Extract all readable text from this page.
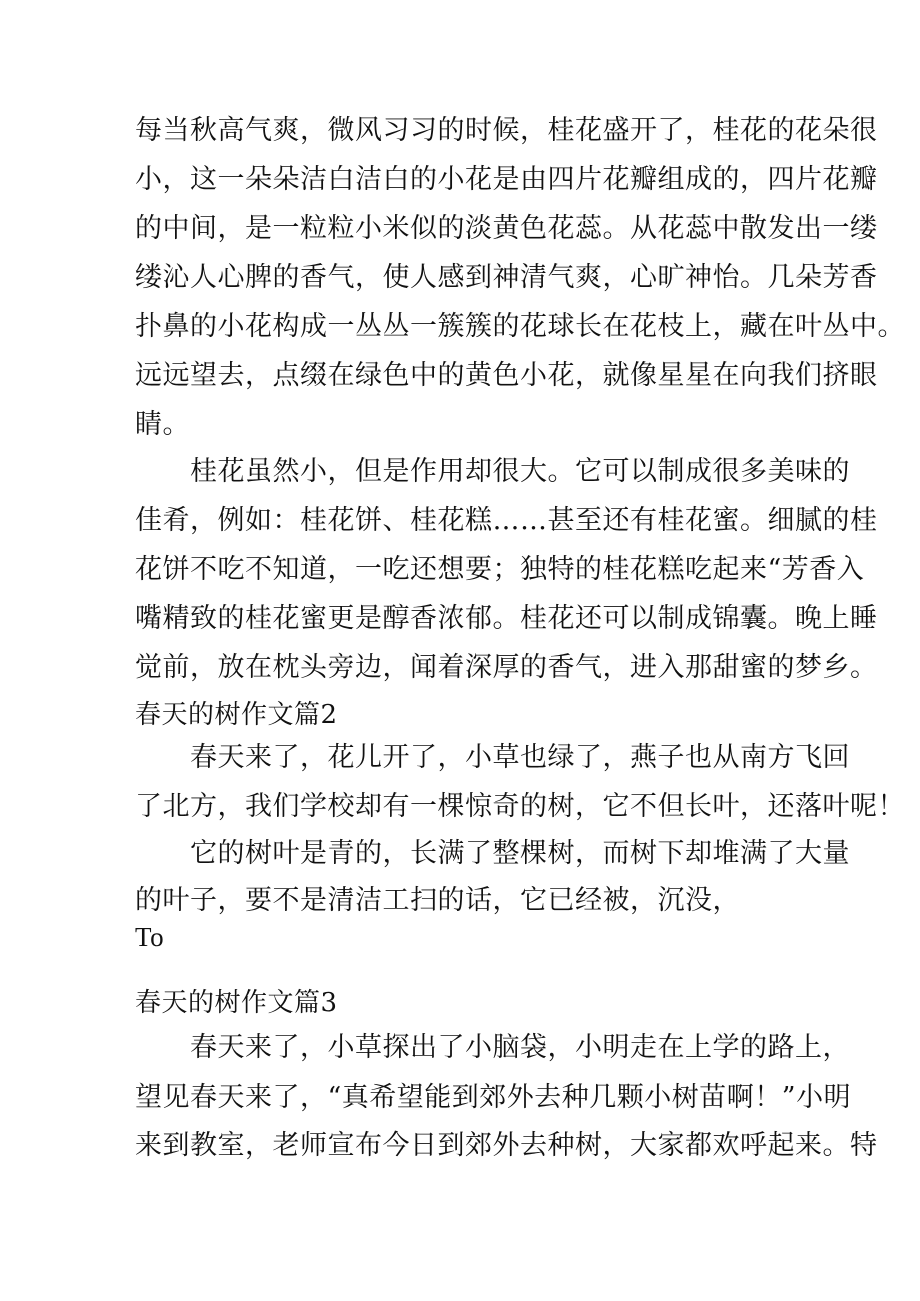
每当秋高气爽，微风习习的时候，桂花盛开了，桂花的花朵很
小，这一朵朵洁白洁白的小花是由四片花瓣组成的，四片花瓣
的中间，是一粒粒小米似的淡黄色花蕊。从花蕊中散发出一缕
缕沁人心脾的香气，使人感到神清气爽，心旷神怡。几朵芳香
扑鼻的小花构成一丛丛一簇簇的花球长在花枝上，藏在叶丛中。
远远望去，点缀在绿色中的黄色小花，就像星星在向我们挤眼
睛。
桂花虽然小，但是作用却很大。它可以制成很多美味的
佳肴，例如：桂花饼、桂花糕……甚至还有桂花蜜。细腻的桂
花饼不吃不知道，一吃还想要；独特的桂花糕吃起来“芳香入
嘴精致的桂花蜜更是醇香浓郁。桂花还可以制成锦囊。晚上睡
觉前，放在枕头旁边，闻着深厚的香气，进入那甜蜜的梦乡。
春天的树作文篇2
春天来了，花儿开了，小草也绿了，燕子也从南方飞回
了北方，我们学校却有一棵惊奇的树，它不但长叶，还落叶呢！
它的树叶是青的，长满了整棵树，而树下却堆满了大量
的叶子，要不是清洁工扫的话，它已经被，沉没，
To
春天的树作文篇3
春天来了，小草探出了小脑袋，小明走在上学的路上，
望见春天来了，“真希望能到郊外去种几颗小树苗啊！”小明
来到教室，老师宣布今日到郊外去种树，大家都欢呼起来。特
